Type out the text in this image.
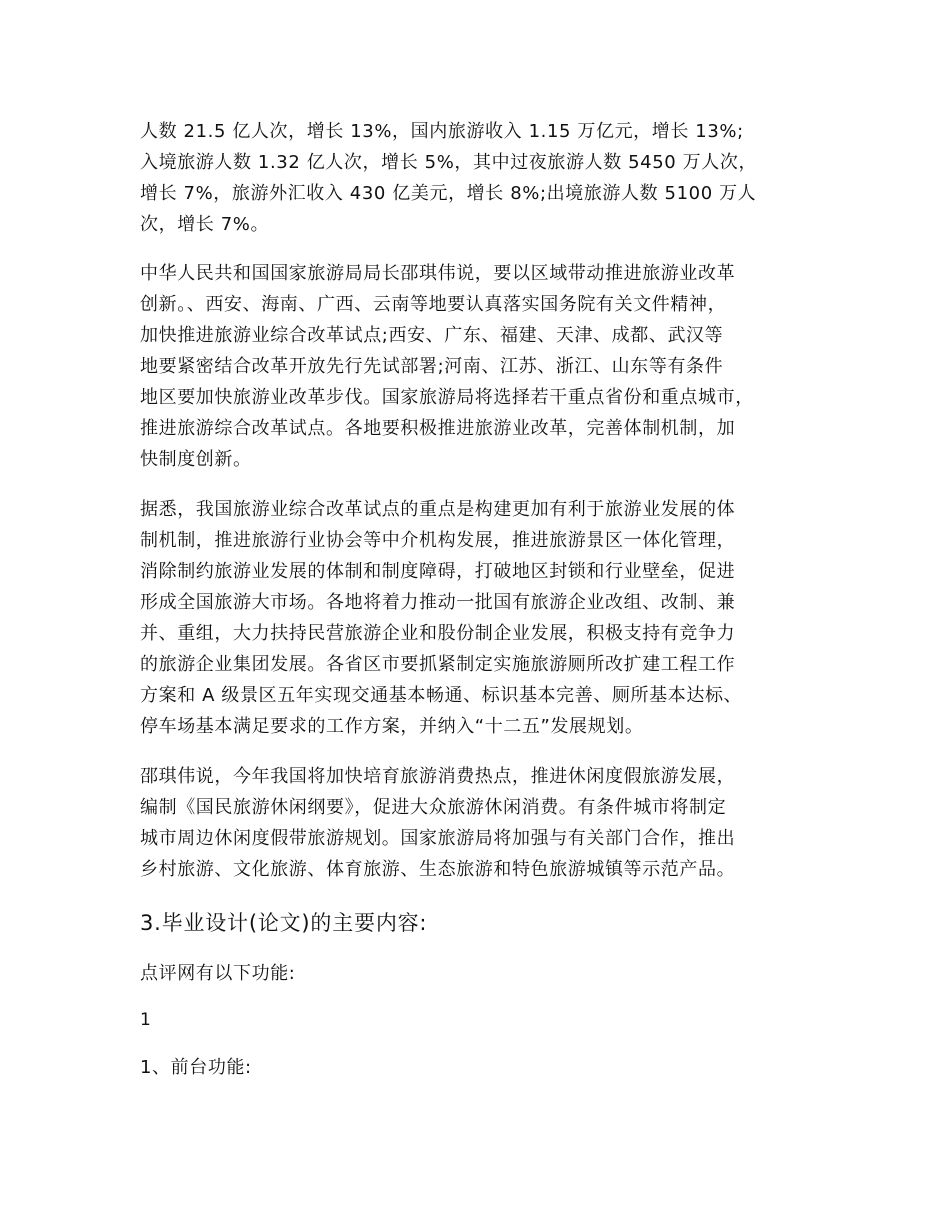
人数 21.5 亿人次，增长 13%，国内旅游收入 1.15 万亿元，增长 13%;
入境旅游人数 1.32 亿人次，增长 5%，其中过夜旅游人数 5450 万人次，
增长 7%，旅游外汇收入 430 亿美元，增长 8%;出境旅游人数 5100 万人
次，增长 7%。
中华人民共和国国家旅游局局长邵琪伟说，要以区域带动推进旅游业改革
创新。、西安、海南、广西、云南等地要认真落实国务院有关文件精神，
加快推进旅游业综合改革试点;西安、广东、福建、天津、成都、武汉等
地要紧密结合改革开放先行先试部署;河南、江苏、浙江、山东等有条件
地区要加快旅游业改革步伐。国家旅游局将选择若干重点省份和重点城市，
推进旅游综合改革试点。各地要积极推进旅游业改革，完善体制机制，加
快制度创新。
据悉，我国旅游业综合改革试点的重点是构建更加有利于旅游业发展的体
制机制，推进旅游行业协会等中介机构发展，推进旅游景区一体化管理，
消除制约旅游业发展的体制和制度障碍，打破地区封锁和行业壁垒，促进
形成全国旅游大市场。各地将着力推动一批国有旅游企业改组、改制、兼
并、重组，大力扶持民营旅游企业和股份制企业发展，积极支持有竞争力
的旅游企业集团发展。各省区市要抓紧制定实施旅游厕所改扩建工程工作
方案和 A 级景区五年实现交通基本畅通、标识基本完善、厕所基本达标、
停车场基本满足要求的工作方案，并纳入“十二五”发展规划。
邵琪伟说，今年我国将加快培育旅游消费热点，推进休闲度假旅游发展，
编制《国民旅游休闲纲要》，促进大众旅游休闲消费。有条件城市将制定
城市周边休闲度假带旅游规划。国家旅游局将加强与有关部门合作，推出
乡村旅游、文化旅游、体育旅游、生态旅游和特色旅游城镇等示范产品。
3.毕业设计(论文)的主要内容:

点评网有以下功能:

1

1、前台功能:
